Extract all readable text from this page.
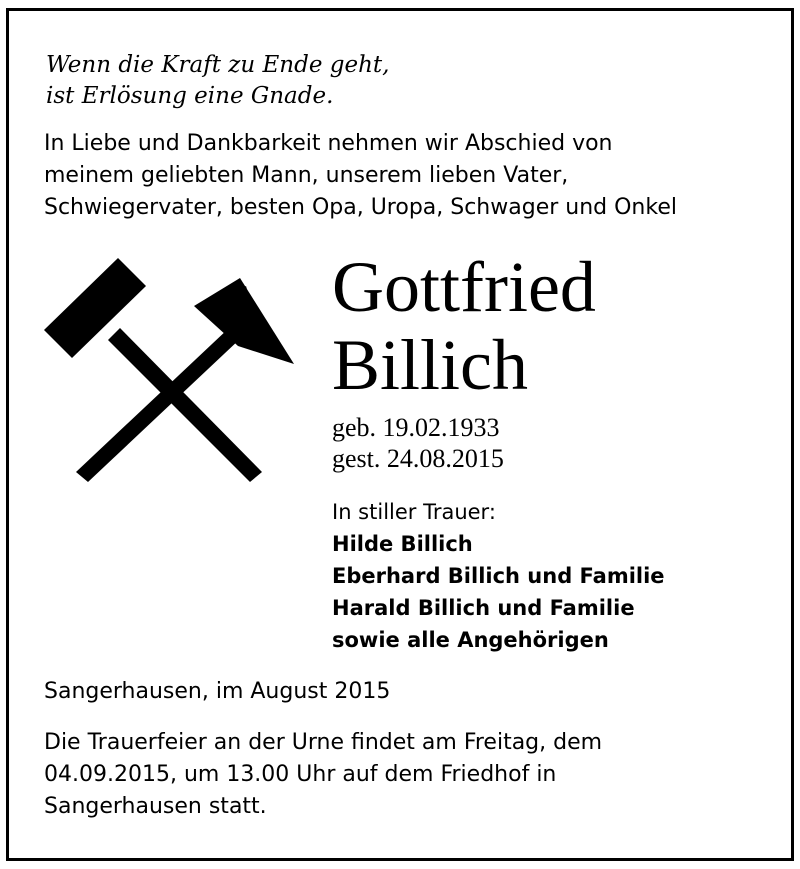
Wenn die Kraft zu Ende geht,
ist Erlösung eine Gnade.

In Liebe und Dankbarkeit nehmen wir Abschied von
meinem geliebten Mann, unserem lieben Vater,
Schwiegervater, besten Opa, Uropa, Schwager und Onkel

Gottfried
Billich

geb. 19.02.1933
gest. 24.08.2015

In stiller Trauer:
Hilde Billich
Eberhard Billich und Familie
Harald Billich und Familie
sowie alle Angehörigen

Sangerhausen, im August 2015

Die Trauerfeier an der Urne findet am Freitag, dem
04.09.2015, um 13.00 Uhr auf dem Friedhof in
Sangerhausen statt.
